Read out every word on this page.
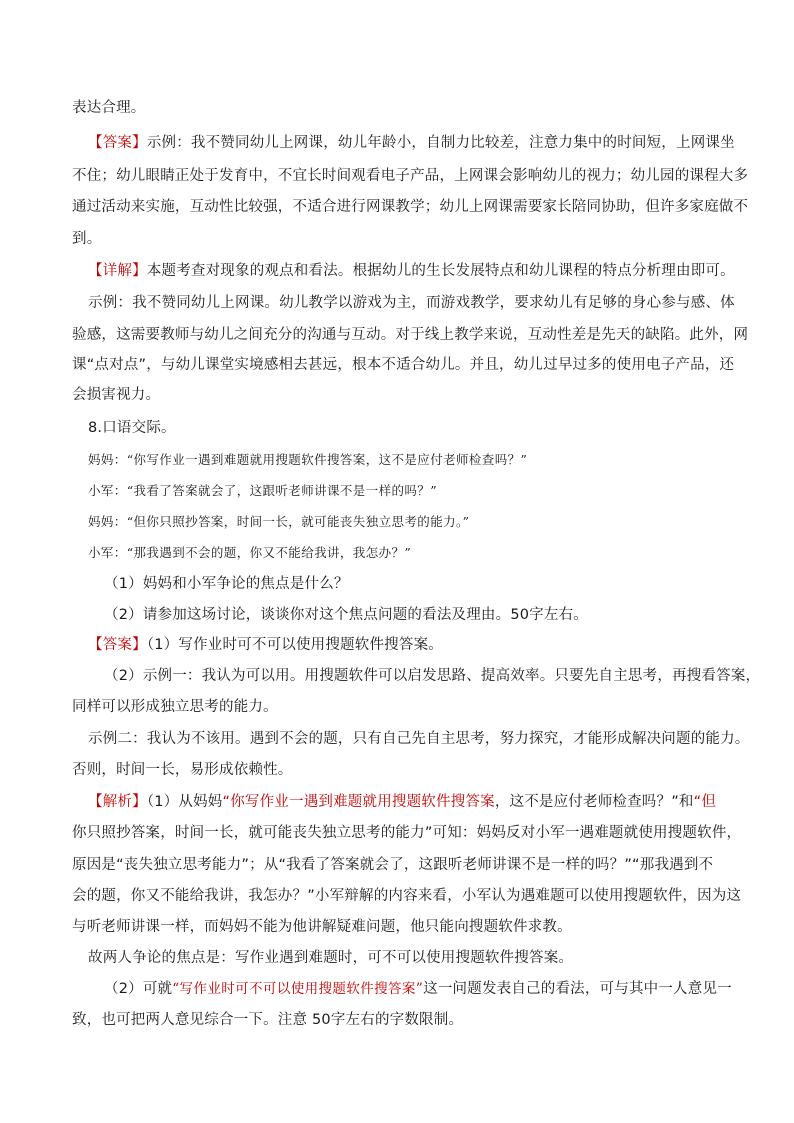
表达合理。
【答案】示例：我不赞同幼儿上网课，幼儿年龄小，自制力比较差，注意力集中的时间短，上网课坐
不住；幼儿眼睛正处于发育中，不宜长时间观看电子产品，上网课会影响幼儿的视力；幼儿园的课程大多
通过活动来实施，互动性比较强，不适合进行网课教学；幼儿上网课需要家长陪同协助，但许多家庭做不
到。
【详解】本题考查对现象的观点和看法。根据幼儿的生长发展特点和幼儿课程的特点分析理由即可。
示例：我不赞同幼儿上网课。幼儿教学以游戏为主，而游戏教学，要求幼儿有足够的身心参与感、体
验感，这需要教师与幼儿之间充分的沟通与互动。对于线上教学来说，互动性差是先天的缺陷。此外，网
课“点对点”，与幼儿课堂实境感相去甚远，根本不适合幼儿。并且，幼儿过早过多的使用电子产品，还
会损害视力。
8.口语交际。
妈妈：“你写作业一遇到难题就用搜题软件搜答案，这不是应付老师检查吗？”
小军：“我看了答案就会了，这跟听老师讲课不是一样的吗？”
妈妈：“但你只照抄答案，时间一长，就可能丧失独立思考的能力。”
小军：“那我遇到不会的题，你又不能给我讲，我怎办？”
（1）妈妈和小军争论的焦点是什么？
（2）请参加这场讨论，谈谈你对这个焦点问题的看法及理由。50字左右。
【答案】（1）写作业时可不可以使用搜题软件搜答案。
（2）示例一：我认为可以用。用搜题软件可以启发思路、提高效率。只要先自主思考，再搜看答案，
同样可以形成独立思考的能力。
示例二：我认为不该用。遇到不会的题，只有自己先自主思考，努力探究，才能形成解决问题的能力。
否则，时间一长，易形成依赖性。
【解析】（1）从妈妈“你写作业一遇到难题就用搜题软件搜答案，这不是应付老师检查吗？”和“但
你只照抄答案，时间一长，就可能丧失独立思考的能力”可知：妈妈反对小军一遇难题就使用搜题软件，
原因是“丧失独立思考能力”；从“我看了答案就会了，这跟听老师讲课不是一样的吗？”“那我遇到不
会的题，你又不能给我讲，我怎办？”小军辩解的内容来看，小军认为遇难题可以使用搜题软件，因为这
与听老师讲课一样，而妈妈不能为他讲解疑难问题，他只能向搜题软件求教。
故两人争论的焦点是：写作业遇到难题时，可不可以使用搜题软件搜答案。
（2）可就“写作业时可不可以使用搜题软件搜答案”这一问题发表自己的看法，可与其中一人意见一
致，也可把两人意见综合一下。注意 50字左右的字数限制。
